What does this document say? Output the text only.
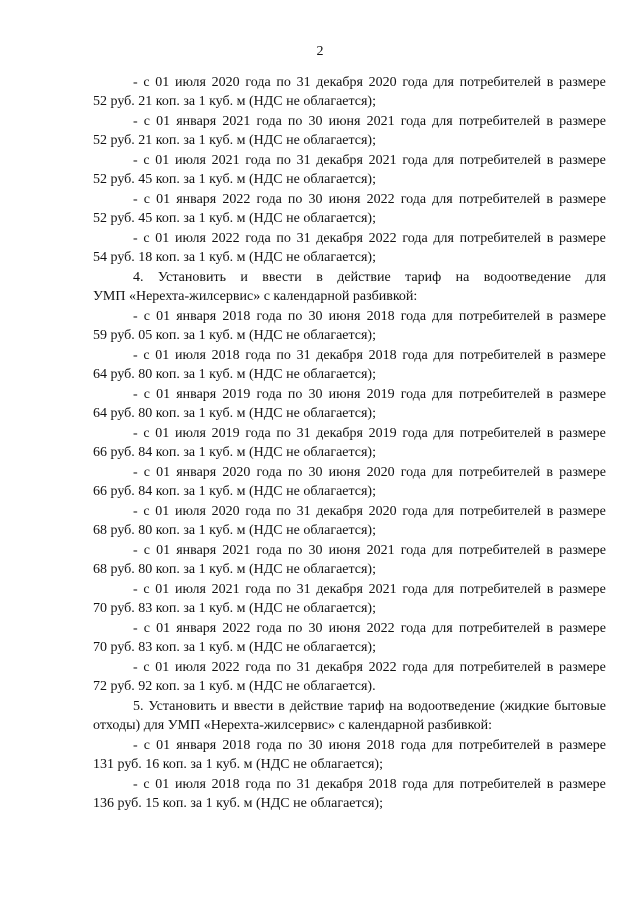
2
- с 01 июля 2020 года по 31 декабря 2020 года для потребителей в размере
52 руб. 21 коп. за 1 куб. м (НДС не облагается);
- с 01 января 2021 года по 30 июня 2021 года для потребителей в размере
52 руб. 21 коп. за 1 куб. м (НДС не облагается);
- с 01 июля 2021 года по 31 декабря 2021 года для потребителей в размере
52 руб. 45 коп. за 1 куб. м (НДС не облагается);
- с 01 января 2022 года по 30 июня 2022 года для потребителей в размере
52 руб. 45 коп. за 1 куб. м (НДС не облагается);
- с 01 июля 2022 года по 31 декабря 2022 года для потребителей в размере
54 руб. 18 коп. за 1 куб. м (НДС не облагается);
4. Установить и ввести в действие тариф на водоотведение для
УМП «Нерехта-жилсервис» с календарной разбивкой:
- с 01 января 2018 года по 30 июня 2018 года для потребителей в размере
59 руб. 05 коп. за 1 куб. м (НДС не облагается);
- с 01 июля 2018 года по 31 декабря 2018 года для потребителей в размере
64 руб. 80 коп. за 1 куб. м (НДС не облагается);
- с 01 января 2019 года по 30 июня 2019 года для потребителей в размере
64 руб. 80 коп. за 1 куб. м (НДС не облагается);
- с 01 июля 2019 года по 31 декабря 2019 года для потребителей в размере
66 руб. 84 коп. за 1 куб. м (НДС не облагается);
- с 01 января 2020 года по 30 июня 2020 года для потребителей в размере
66 руб. 84 коп. за 1 куб. м (НДС не облагается);
- с 01 июля 2020 года по 31 декабря 2020 года для потребителей в размере
68 руб. 80 коп. за 1 куб. м (НДС не облагается);
- с 01 января 2021 года по 30 июня 2021 года для потребителей в размере
68 руб. 80 коп. за 1 куб. м (НДС не облагается);
- с 01 июля 2021 года по 31 декабря 2021 года для потребителей в размере
70 руб. 83 коп. за 1 куб. м (НДС не облагается);
- с 01 января 2022 года по 30 июня 2022 года для потребителей в размере
70 руб. 83 коп. за 1 куб. м (НДС не облагается);
- с 01 июля 2022 года по 31 декабря 2022 года для потребителей в размере
72 руб. 92 коп. за 1 куб. м (НДС не облагается).
5. Установить и ввести в действие тариф на водоотведение (жидкие бытовые
отходы) для УМП «Нерехта-жилсервис» с календарной разбивкой:
- с 01 января 2018 года по 30 июня 2018 года для потребителей в размере
131 руб. 16 коп. за 1 куб. м (НДС не облагается);
- с 01 июля 2018 года по 31 декабря 2018 года для потребителей в размере
136 руб. 15 коп. за 1 куб. м (НДС не облагается);
